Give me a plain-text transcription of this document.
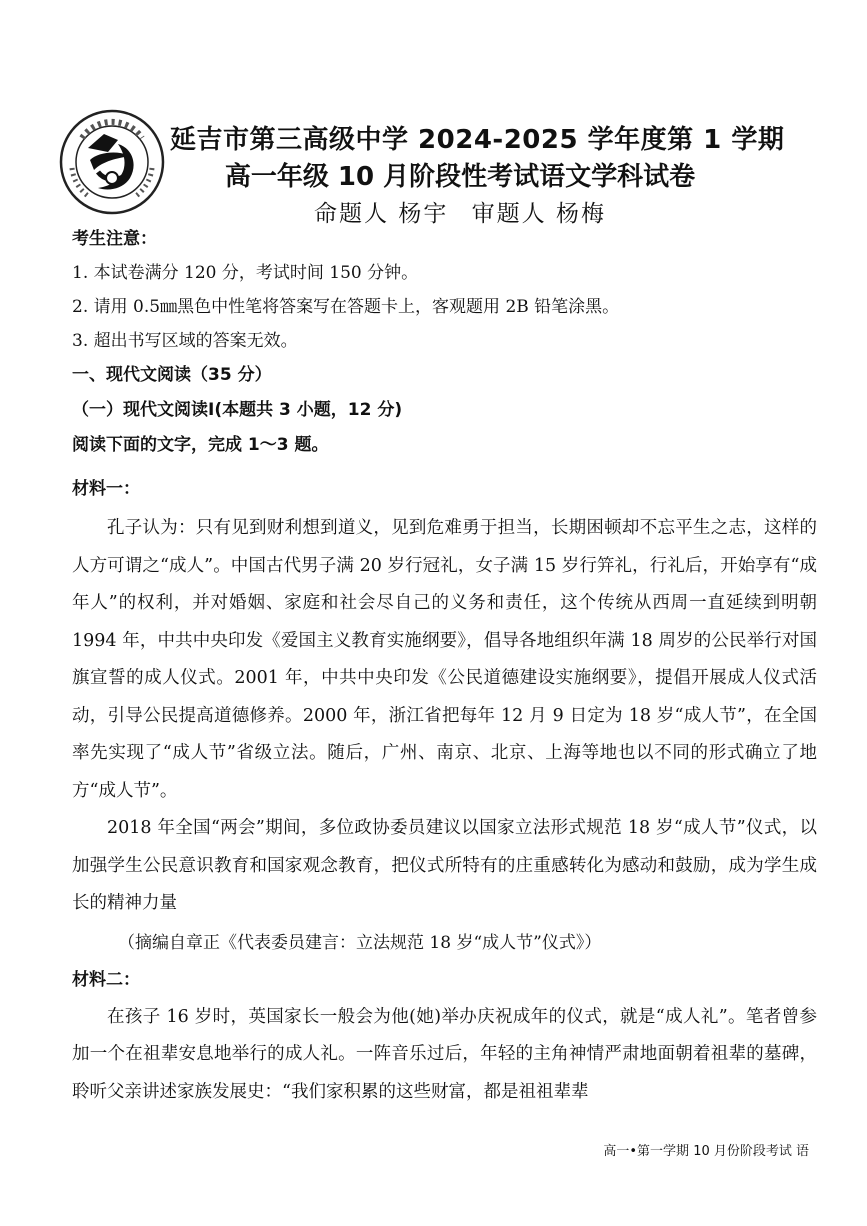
延吉市第三高级中学 2024-2025 学年度第 1 学期
高一年级 10 月阶段性考试语文学科试卷
命题人 杨宇 审题人 杨梅
考生注意：
1. 本试卷满分 120 分，考试时间 150 分钟。
2. 请用 0.5㎜黑色中性笔将答案写在答题卡上，客观题用 2B 铅笔涂黑。
3. 超出书写区域的答案无效。
一、现代文阅读（35 分）
（一）现代文阅读Ⅰ(本题共 3 小题，12 分)
阅读下面的文字，完成 1～3 题。
材料一：

孔子认为：只有见到财利想到道义，见到危难勇于担当，长期困顿却不忘平生之志，这样的人方可谓之“成人”。中国古代男子满 20 岁行冠礼，女子满 15 岁行笄礼，行礼后，开始享有“成年人”的权利，并对婚姻、家庭和社会尽自己的义务和责任，这个传统从西周一直延续到明朝 1994 年，中共中央印发《爱国主义教育实施纲要》，倡导各地组织年满 18 周岁的公民举行对国旗宣誓的成人仪式。2001 年，中共中央印发《公民道德建设实施纲要》，提倡开展成人仪式活动，引导公民提高道德修养。2000 年，浙江省把每年 12 月 9 日定为 18 岁“成人节”，在全国率先实现了“成人节”省级立法。随后，广州、南京、北京、上海等地也以不同的形式确立了地方“成人节”。

2018 年全国“两会”期间，多位政协委员建议以国家立法形式规范 18 岁“成人节”仪式，以加强学生公民意识教育和国家观念教育，把仪式所特有的庄重感转化为感动和鼓励，成为学生成长的精神力量

（摘编自章正《代表委员建言：立法规范 18 岁“成人节”仪式》）
材料二：

在孩子 16 岁时，英国家长一般会为他(她)举办庆祝成年的仪式，就是“成人礼”。笔者曾参加一个在祖辈安息地举行的成人礼。一阵音乐过后，年轻的主角神情严肃地面朝着祖辈的墓碑，聆听父亲讲述家族发展史：“我们家积累的这些财富，都是祖祖辈辈

高一•第一学期 10 月份阶段考试 语
